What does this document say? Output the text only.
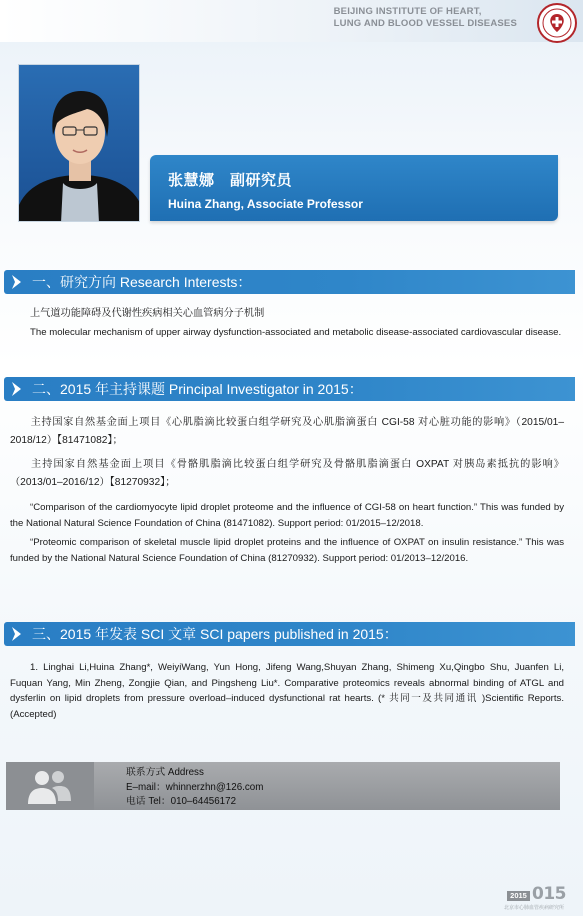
BEIJING INSTITUTE OF HEART,
LUNG AND BLOOD VESSEL DISEASES
张慧娜　副研究员
Huina Zhang, Associate Professor
一、研究方向 Research Interests：
上气道功能障碍及代谢性疾病相关心血管病分子机制
The molecular mechanism of upper airway dysfunction-associated and metabolic disease-associated cardiovascular disease.
二、2015 年主持课题 Principal Investigator in 2015：
主持国家自然基金面上项目《心肌脂滴比较蛋白组学研究及心肌脂滴蛋白 CGI-58 对心脏功能的影响》（2015/01–2018/12）【81471082】；
主持国家自然基金面上项目《骨骼肌脂滴比较蛋白组学研究及骨骼肌脂滴蛋白 OXPAT 对胰岛素抵抗的影响》（2013/01–2016/12）【81270932】；
“Comparison of the cardiomyocyte lipid droplet proteome and the influence of CGI-58 on heart function.” This was funded by the National Natural Science Foundation of China (81471082). Support period: 01/2015–12/2018.
“Proteomic comparison of skeletal muscle lipid droplet proteins and the influence of OXPAT on insulin resistance.” This was funded by the National Natural Science Foundation of China (81270932). Support period: 01/2013–12/2016.
三、2015 年发表 SCI 文章 SCI papers published in 2015：
1. Linghai Li,Huina Zhang*, WeiyiWang, Yun Hong, Jifeng Wang,Shuyan Zhang, Shimeng Xu,Qingbo Shu, Juanfen Li, Fuquan Yang, Min Zheng, Zongjie Qian, and Pingsheng Liu*. Comparative proteomics reveals abnormal binding of ATGL and dysferlin on lipid droplets from pressure overload–induced dysfunctional rat hearts. (* 共同一及共同通讯 )Scientific Reports. (Accepted)
联系方式 Address
E–mail：whinnerzhn@126.com
电话 Tel：010–64456172
2015 015
北京市心肺血管疾病研究所
